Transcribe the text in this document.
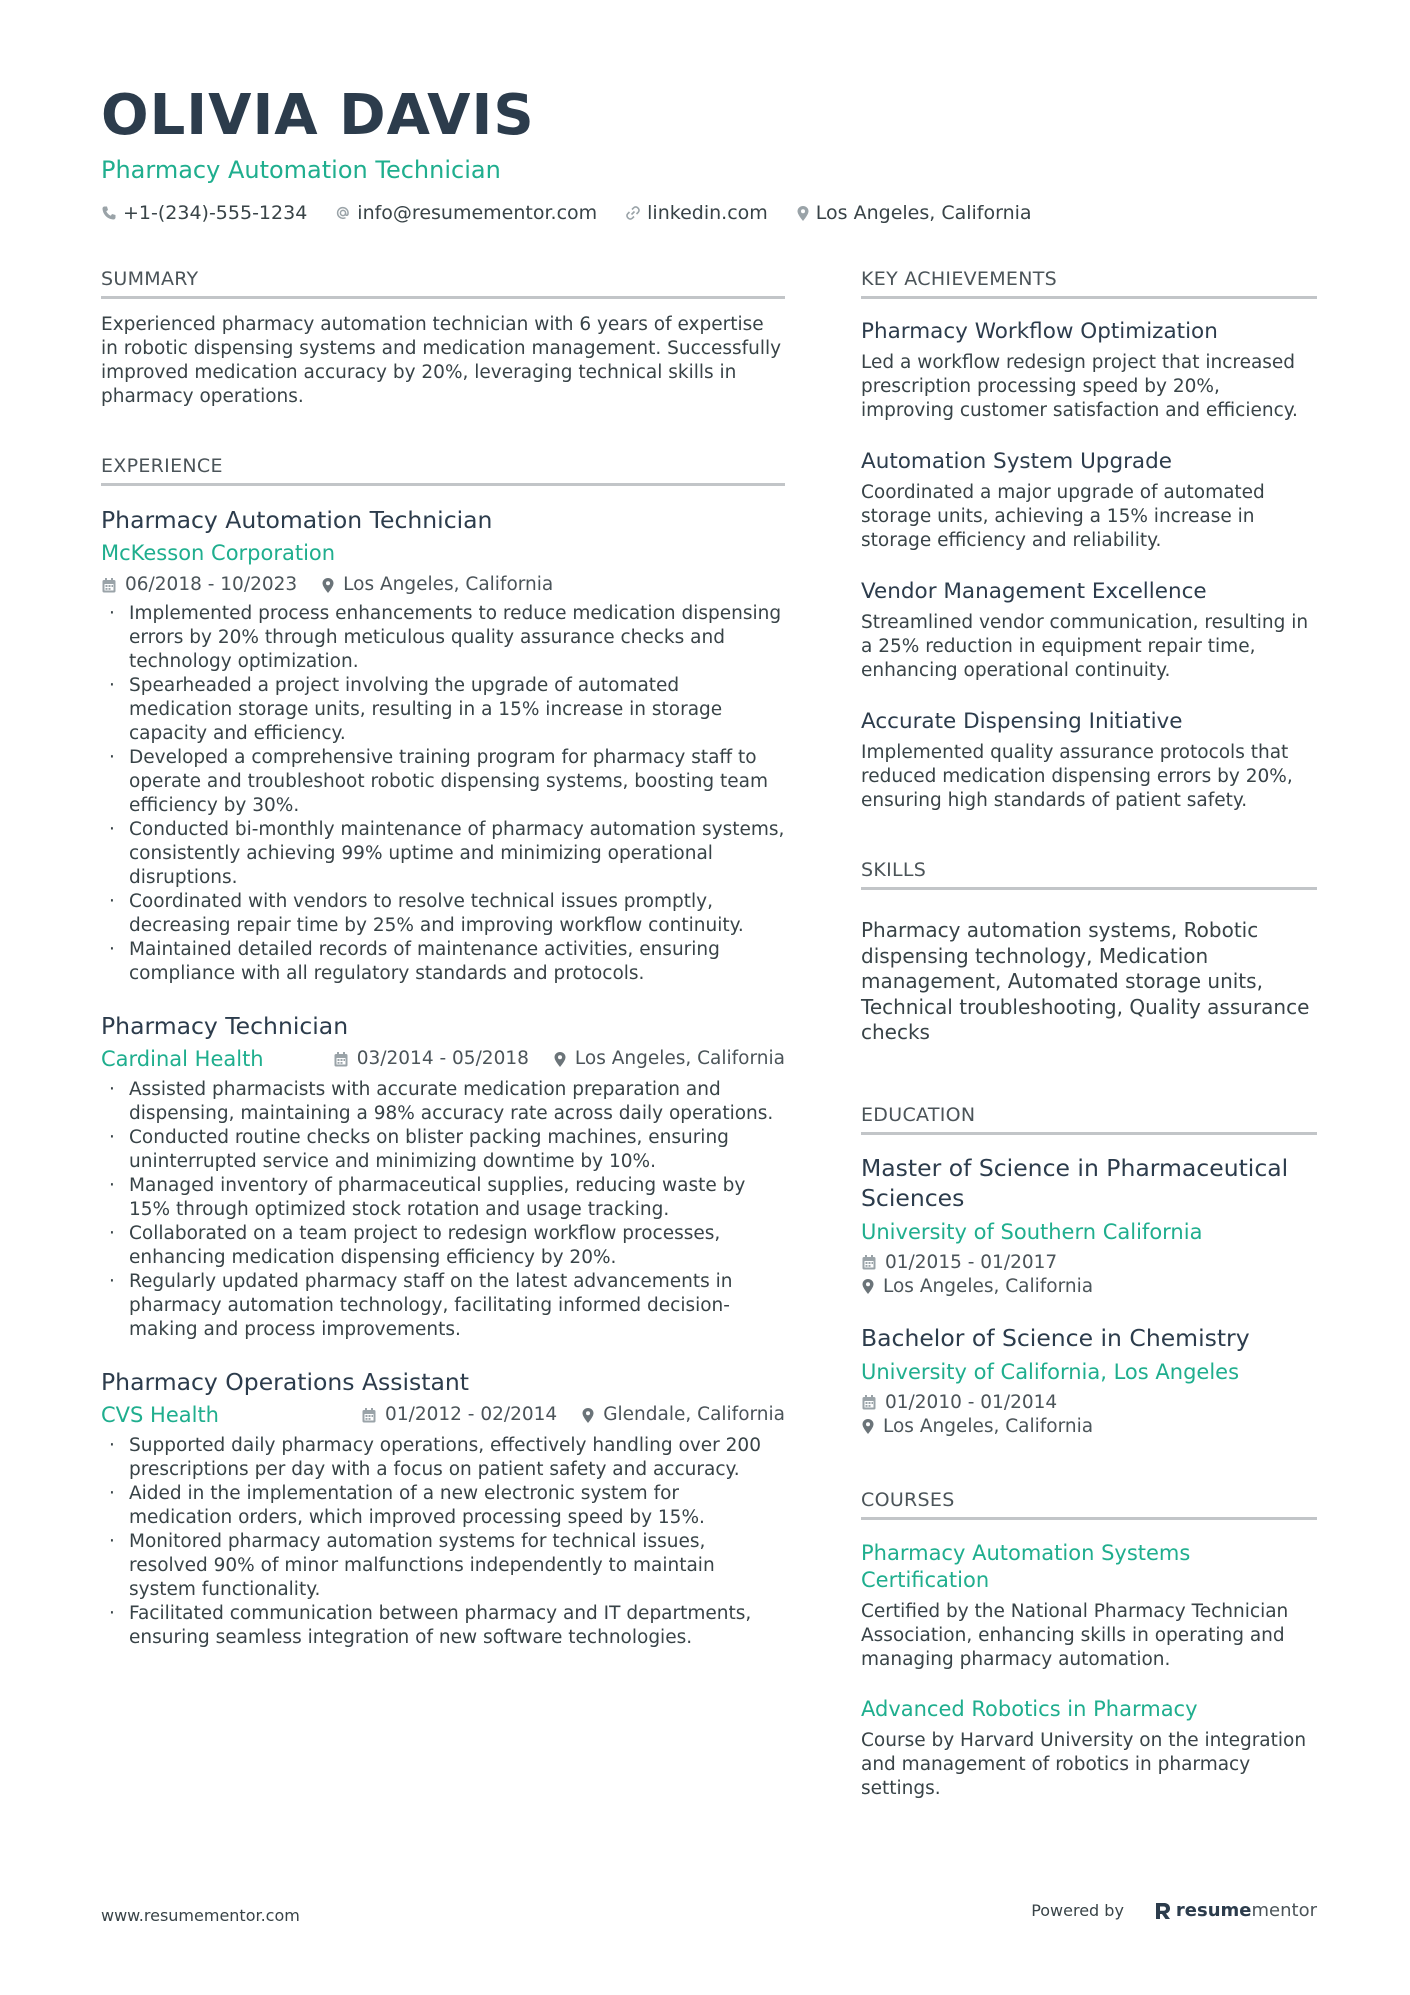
OLIVIA DAVIS
Pharmacy Automation Technician
+1-(234)-555-1234	info@resumementor.com	linkedin.com	Los Angeles, California
SUMMARY
Experienced pharmacy automation technician with 6 years of expertise in robotic dispensing systems and medication management. Successfully improved medication accuracy by 20%, leveraging technical skills in pharmacy operations.
EXPERIENCE
Pharmacy Automation Technician
McKesson Corporation
06/2018 - 10/2023 Los Angeles, California
· Implemented process enhancements to reduce medication dispensing errors by 20% through meticulous quality assurance checks and technology optimization.
· Spearheaded a project involving the upgrade of automated medication storage units, resulting in a 15% increase in storage capacity and efficiency.
· Developed a comprehensive training program for pharmacy staff to operate and troubleshoot robotic dispensing systems, boosting team efficiency by 30%.
· Conducted bi-monthly maintenance of pharmacy automation systems, consistently achieving 99% uptime and minimizing operational disruptions.
· Coordinated with vendors to resolve technical issues promptly, decreasing repair time by 25% and improving workflow continuity.
· Maintained detailed records of maintenance activities, ensuring compliance with all regulatory standards and protocols.
Pharmacy Technician
Cardinal Health	03/2014 - 05/2018 Los Angeles, California
· Assisted pharmacists with accurate medication preparation and dispensing, maintaining a 98% accuracy rate across daily operations.
· Conducted routine checks on blister packing machines, ensuring uninterrupted service and minimizing downtime by 10%.
· Managed inventory of pharmaceutical supplies, reducing waste by 15% through optimized stock rotation and usage tracking.
· Collaborated on a team project to redesign workflow processes, enhancing medication dispensing efficiency by 20%.
· Regularly updated pharmacy staff on the latest advancements in pharmacy automation technology, facilitating informed decision-making and process improvements.
Pharmacy Operations Assistant
CVS Health	01/2012 - 02/2014 Glendale, California
· Supported daily pharmacy operations, effectively handling over 200 prescriptions per day with a focus on patient safety and accuracy.
· Aided in the implementation of a new electronic system for medication orders, which improved processing speed by 15%.
· Monitored pharmacy automation systems for technical issues, resolved 90% of minor malfunctions independently to maintain system functionality.
· Facilitated communication between pharmacy and IT departments, ensuring seamless integration of new software technologies.
KEY ACHIEVEMENTS
Pharmacy Workflow Optimization
Led a workflow redesign project that increased prescription processing speed by 20%, improving customer satisfaction and efficiency.
Automation System Upgrade
Coordinated a major upgrade of automated storage units, achieving a 15% increase in storage efficiency and reliability.
Vendor Management Excellence
Streamlined vendor communication, resulting in a 25% reduction in equipment repair time, enhancing operational continuity.
Accurate Dispensing Initiative
Implemented quality assurance protocols that reduced medication dispensing errors by 20%, ensuring high standards of patient safety.
SKILLS
Pharmacy automation systems, Robotic dispensing technology, Medication management, Automated storage units, Technical troubleshooting, Quality assurance checks
EDUCATION
Master of Science in Pharmaceutical Sciences
University of Southern California
01/2015 - 01/2017
Los Angeles, California
Bachelor of Science in Chemistry
University of California, Los Angeles
01/2010 - 01/2014
Los Angeles, California
COURSES
Pharmacy Automation Systems Certification
Certified by the National Pharmacy Technician Association, enhancing skills in operating and managing pharmacy automation.
Advanced Robotics in Pharmacy
Course by Harvard University on the integration and management of robotics in pharmacy settings.
www.resumementor.com	Powered by	resume mentor
